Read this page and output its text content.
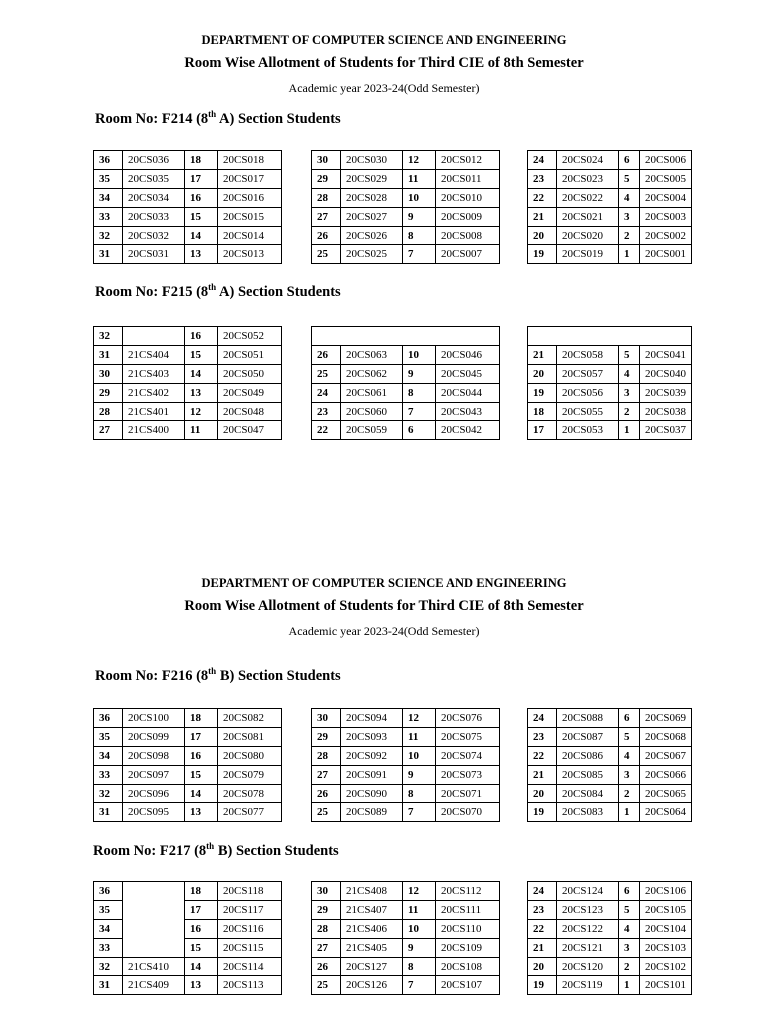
DEPARTMENT OF COMPUTER SCIENCE AND ENGINEERING
Room Wise Allotment of Students for Third CIE of 8th Semester
Academic year 2023-24(Odd Semester)
Room No: F214 (8th A) Section Students
36	20CS036	18	20CS018
35	20CS035	17	20CS017
34	20CS034	16	20CS016
33	20CS033	15	20CS015
32	20CS032	14	20CS014
31	20CS031	13	20CS013
30	20CS030	12	20CS012
29	20CS029	11	20CS011
28	20CS028	10	20CS010
27	20CS027	9	20CS009
26	20CS026	8	20CS008
25	20CS025	7	20CS007
24	20CS024	6	20CS006
23	20CS023	5	20CS005
22	20CS022	4	20CS004
21	20CS021	3	20CS003
20	20CS020	2	20CS002
19	20CS019	1	20CS001
Room No: F215 (8th A) Section Students
32		16	20CS052
31	21CS404	15	20CS051
30	21CS403	14	20CS050
29	21CS402	13	20CS049
28	21CS401	12	20CS048
27	21CS400	11	20CS047

26	20CS063	10	20CS046
25	20CS062	9	20CS045
24	20CS061	8	20CS044
23	20CS060	7	20CS043
22	20CS059	6	20CS042

21	20CS058	5	20CS041
20	20CS057	4	20CS040
19	20CS056	3	20CS039
18	20CS055	2	20CS038
17	20CS053	1	20CS037
DEPARTMENT OF COMPUTER SCIENCE AND ENGINEERING
Room Wise Allotment of Students for Third CIE of 8th Semester
Academic year 2023-24(Odd Semester)
Room No: F216 (8th B) Section Students
36	20CS100	18	20CS082
35	20CS099	17	20CS081
34	20CS098	16	20CS080
33	20CS097	15	20CS079
32	20CS096	14	20CS078
31	20CS095	13	20CS077
30	20CS094	12	20CS076
29	20CS093	11	20CS075
28	20CS092	10	20CS074
27	20CS091	9	20CS073
26	20CS090	8	20CS071
25	20CS089	7	20CS070
24	20CS088	6	20CS069
23	20CS087	5	20CS068
22	20CS086	4	20CS067
21	20CS085	3	20CS066
20	20CS084	2	20CS065
19	20CS083	1	20CS064
Room No: F217 (8th B) Section Students
36		18	20CS118
35		17	20CS117
34		16	20CS116
33		15	20CS115
32	21CS410	14	20CS114
31	21CS409	13	20CS113
30	21CS408	12	20CS112
29	21CS407	11	20CS111
28	21CS406	10	20CS110
27	21CS405	9	20CS109
26	20CS127	8	20CS108
25	20CS126	7	20CS107
24	20CS124	6	20CS106
23	20CS123	5	20CS105
22	20CS122	4	20CS104
21	20CS121	3	20CS103
20	20CS120	2	20CS102
19	20CS119	1	20CS101
